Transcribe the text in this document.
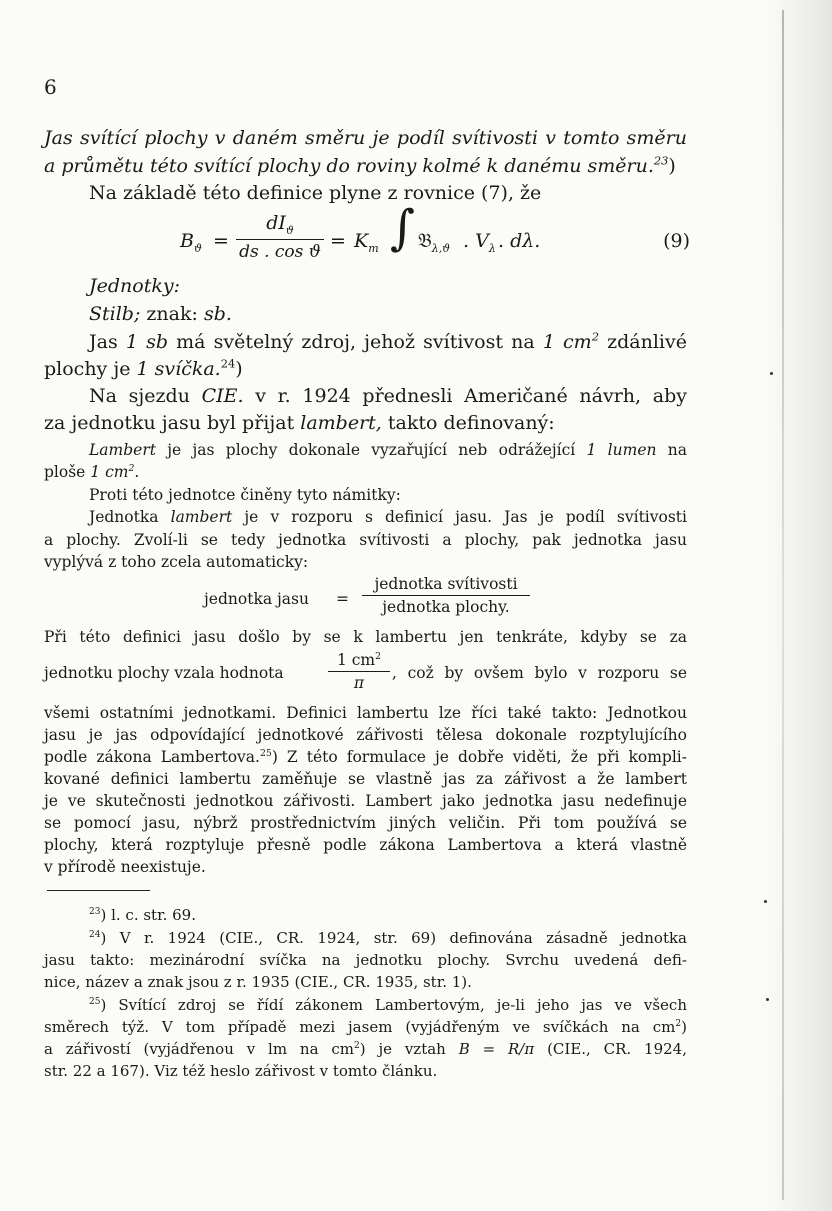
6
Jas svítící plochy v daném směru je podíl svítivosti v tomto směru
a průmětu této svítící plochy do roviny kolmé k danému směru.$^{23}$)
Na základě této definice plyne z rovnice (7), že
$B_ϑ$ =
$dI_ϑ$
ds . $\cos ϑ = K_m$ ∫ 𝔅$_{\lambda,ϑ}$ . $V_\lambda$ . dλ.	(9)
Jednotky:
Stilb; znak: sb.
Jas 1 sb má světelný zdroj, jehož svítivost na 1 $cm^2$ zdánlivé
plochy je 1 svíčka.$^{24}$)
Na sjezdu CIE. v r. 1924 přednesli Američané návrh, aby
za jednotku jasu byl přijat lambert, takto definovaný:
Lambert je jas plochy dokonale vyzařující neb odrážející 1 lumen na
ploše 1 $cm^2$.
Proti této jednotce činěny tyto námitky:
Jednotka lambert je v rozporu s definicí jasu. Jas je podíl svítivosti
a plochy. Zvolí-li se tedy jednotka svítivosti a plochy, pak jednotka jasu
vyplývá z toho zcela automaticky:
jednotka jasu =
jednotka svítivosti
jednotka plochy.
Při této definici jasu došlo by se k lambertu jen tenkráte, kdyby se za
jednotku plochy vzala hodnota
1 $cm^2$
π
, což by ovšem bylo v rozporu se
všemi ostatními jednotkami. Definici lambertu lze říci také takto: Jednotkou
jasu je jas odpovídající jednotkové zářivosti tělesa dokonale rozptylujícího
podle zákona Lambertova.$^{25}$) Z této formulace je dobře viděti, že při kompli-
kované definici lambertu zaměňuje se vlastně jas za zářivost a že lambert
je ve skutečnosti jednotkou zářivosti. Lambert jako jednotka jasu nedefinuje
se pomocí jasu, nýbrž prostřednictvím jiných veličin. Při tom používá se
plochy, která rozptyluje přesně podle zákona Lambertova a která vlastně
v přírodě neexistuje.
$^{23}$) l. c. str. 69.
$^{24}$) V r. 1924 (CIE., CR. 1924, str. 69) definována zásadně jednotka
jasu takto: mezinárodní svíčka na jednotku plochy. Svrchu uvedená defi-
nice, název a znak jsou z r. 1935 (CIE., CR. 1935, str. 1).
$^{25}$) Svítící zdroj se řídí zákonem Lambertovým, je-li jeho jas ve všech
směrech týž. V tom případě mezi jasem (vyjádřeným ve svíčkách na $cm^2$)
a zářivostí (vyjádřenou v lm na $cm^2$) je vztah B = R/π (CIE., CR. 1924,
str. 22 a 167). Viz též heslo zářivost v tomto článku.
